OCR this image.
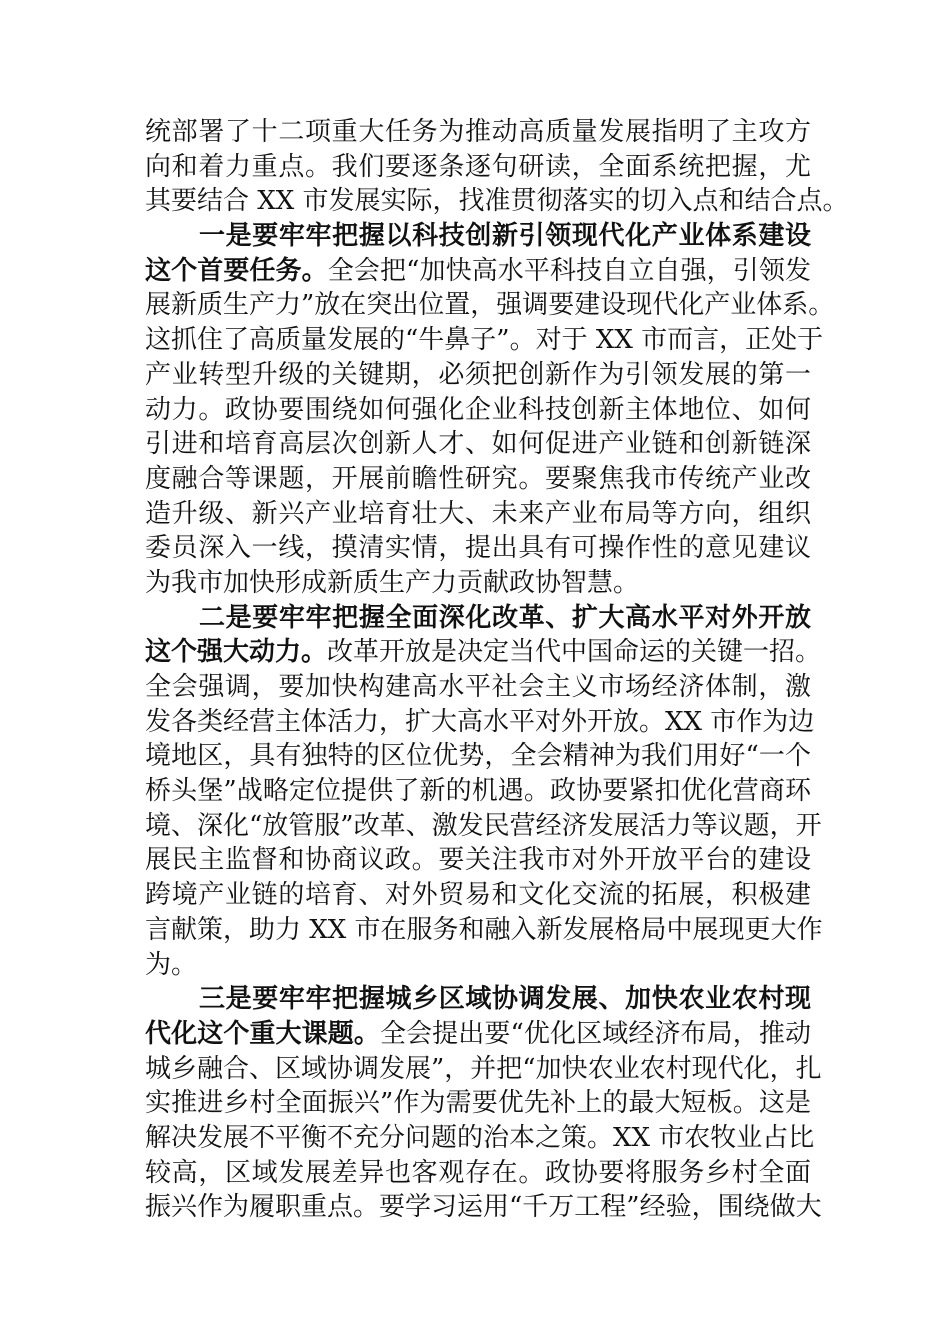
统部署了十二项重大任务为推动高质量发展指明了主攻方
向和着力重点。我们要逐条逐句研读，全面系统把握，尤
其要结合 XX 市发展实际，找准贯彻落实的切入点和结合点。
一是要牢牢把握以科技创新引领现代化产业体系建设
这个首要任务。全会把“加快高水平科技自立自强，引领发
展新质生产力”放在突出位置，强调要建设现代化产业体系。
这抓住了高质量发展的“牛鼻子”。对于 XX 市而言，正处于
产业转型升级的关键期，必须把创新作为引领发展的第一
动力。政协要围绕如何强化企业科技创新主体地位、如何
引进和培育高层次创新人才、如何促进产业链和创新链深
度融合等课题，开展前瞻性研究。要聚焦我市传统产业改
造升级、新兴产业培育壮大、未来产业布局等方向，组织
委员深入一线，摸清实情，提出具有可操作性的意见建议
为我市加快形成新质生产力贡献政协智慧。
二是要牢牢把握全面深化改革、扩大高水平对外开放
这个强大动力。改革开放是决定当代中国命运的关键一招。
全会强调，要加快构建高水平社会主义市场经济体制，激
发各类经营主体活力，扩大高水平对外开放。XX 市作为边
境地区，具有独特的区位优势，全会精神为我们用好“一个
桥头堡”战略定位提供了新的机遇。政协要紧扣优化营商环
境、深化“放管服”改革、激发民营经济发展活力等议题，开
展民主监督和协商议政。要关注我市对外开放平台的建设
跨境产业链的培育、对外贸易和文化交流的拓展，积极建
言献策，助力 XX 市在服务和融入新发展格局中展现更大作
为。
三是要牢牢把握城乡区域协调发展、加快农业农村现
代化这个重大课题。全会提出要“优化区域经济布局，推动
城乡融合、区域协调发展”，并把“加快农业农村现代化，扎
实推进乡村全面振兴”作为需要优先补上的最大短板。这是
解决发展不平衡不充分问题的治本之策。XX 市农牧业占比
较高，区域发展差异也客观存在。政协要将服务乡村全面
振兴作为履职重点。要学习运用“千万工程”经验，围绕做大
